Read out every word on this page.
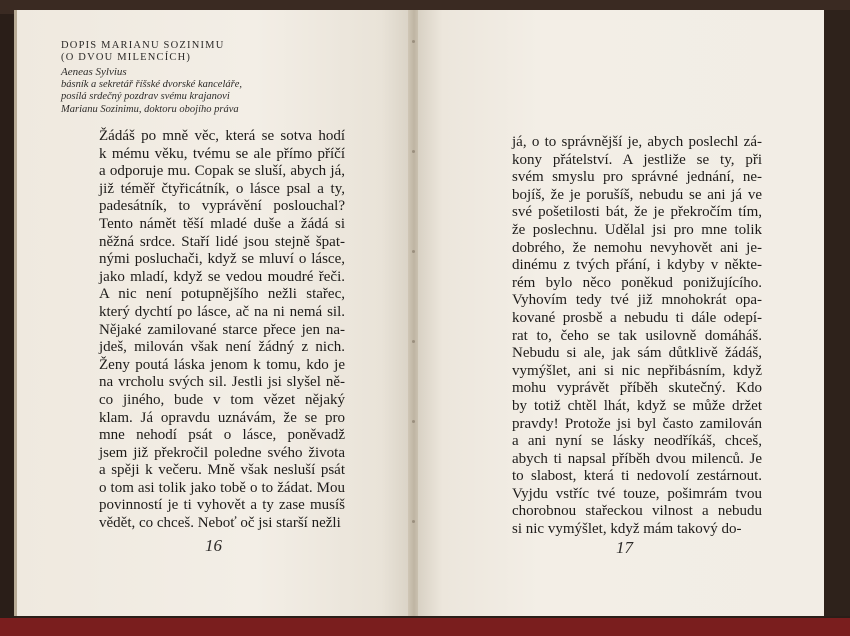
DOPIS MARIANU SOZINIMU
(O DVOU MILENCÍCH)
Aeneas Sylvius
básník a sekretář říšské dvorské kanceláře,
posílá srdečný pozdrav svému krajanovi
Marianu Sozinimu, doktoru obojího práva
Žádáš po mně věc, která se sotva hodí
k mému věku, tvému se ale přímo příčí
a odporuje mu. Copak se sluší, abych já,
již téměř čtyřicátník, o lásce psal a ty,
padesátník, to vyprávění poslouchal?
Tento námět těší mladé duše a žádá si
něžná srdce. Staří lidé jsou stejně špat-
nými posluchači, když se mluví o lásce,
jako mladí, když se vedou moudré řeči.
A nic není potupnějšího nežli stařec,
který dychtí po lásce, ač na ni nemá sil.
Nějaké zamilované starce přece jen na-
jdeš, milován však není žádný z nich.
Ženy poutá láska jenom k tomu, kdo je
na vrcholu svých sil. Jestli jsi slyšel ně-
co jiného, bude v tom vězet nějaký
klam. Já opravdu uznávám, že se pro
mne nehodí psát o lásce, poněvadž
jsem již překročil poledne svého života
a spěji k večeru. Mně však nesluší psát
o tom asi tolik jako tobě o to žádat. Mou
povinností je ti vyhovět a ty zase musíš
vědět, co chceš. Neboť oč jsi starší nežli
16
já, o to správnější je, abych poslechl zá-
kony přátelství. A jestliže se ty, při
svém smyslu pro správné jednání, ne-
bojíš, že je porušíš, nebudu se ani já ve
své pošetilosti bát, že je překročím tím,
že poslechnu. Udělal jsi pro mne tolik
dobrého, že nemohu nevyhovět ani je-
dinému z tvých přání, i kdyby v někte-
rém bylo něco poněkud ponižujícího.
Vyhovím tedy tvé již mnohokrát opa-
kované prosbě a nebudu ti dále odepí-
rat to, čeho se tak usilovně domáháš.
Nebudu si ale, jak sám důtklivě žádáš,
vymýšlet, ani si nic nepřibásním, když
mohu vyprávět příběh skutečný. Kdo
by totiž chtěl lhát, když se může držet
pravdy! Protože jsi byl často zamilován
a ani nyní se lásky neodříkáš, chceš,
abych ti napsal příběh dvou milenců. Je
to slabost, která ti nedovolí zestárnout.
Vyjdu vstříc tvé touze, pošimrám tvou
chorobnou stařeckou vilnost a nebudu
si nic vymýšlet, když mám takový do-
17
